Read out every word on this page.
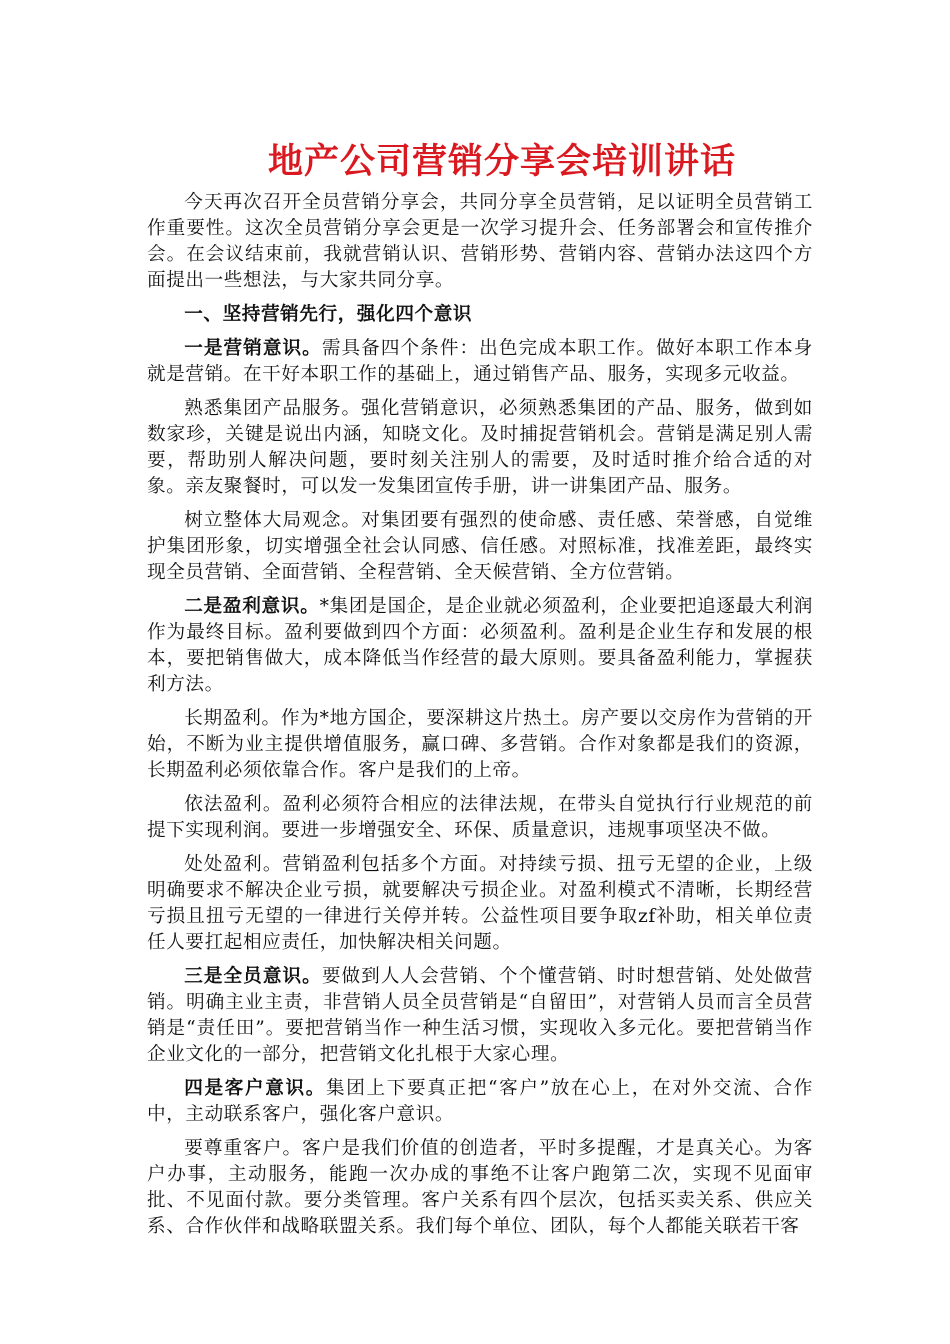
地产公司营销分享会培训讲话

今天再次召开全员营销分享会，共同分享全员营销，足以证明全员营销工作重要性。这次全员营销分享会更是一次学习提升会、任务部署会和宣传推介会。在会议结束前，我就营销认识、营销形势、营销内容、营销办法这四个方面提出一些想法，与大家共同分享。

一、坚持营销先行，强化四个意识

一是营销意识。需具备四个条件：出色完成本职工作。做好本职工作本身就是营销。在干好本职工作的基础上，通过销售产品、服务，实现多元收益。

熟悉集团产品服务。强化营销意识，必须熟悉集团的产品、服务，做到如数家珍，关键是说出内涵，知晓文化。及时捕捉营销机会。营销是满足别人需要，帮助别人解决问题，要时刻关注别人的需要，及时适时推介给合适的对象。亲友聚餐时，可以发一发集团宣传手册，讲一讲集团产品、服务。

树立整体大局观念。对集团要有强烈的使命感、责任感、荣誉感，自觉维护集团形象，切实增强全社会认同感、信任感。对照标准，找准差距，最终实现全员营销、全面营销、全程营销、全天候营销、全方位营销。

二是盈利意识。*集团是国企，是企业就必须盈利，企业要把追逐最大利润作为最终目标。盈利要做到四个方面：必须盈利。盈利是企业生存和发展的根本，要把销售做大，成本降低当作经营的最大原则。要具备盈利能力，掌握获利方法。

长期盈利。作为*地方国企，要深耕这片热土。房产要以交房作为营销的开始，不断为业主提供增值服务，赢口碑、多营销。合作对象都是我们的资源，长期盈利必须依靠合作。客户是我们的上帝。

依法盈利。盈利必须符合相应的法律法规，在带头自觉执行行业规范的前提下实现利润。要进一步增强安全、环保、质量意识，违规事项坚决不做。

处处盈利。营销盈利包括多个方面。对持续亏损、扭亏无望的企业，上级明确要求不解决企业亏损，就要解决亏损企业。对盈利模式不清晰，长期经营亏损且扭亏无望的一律进行关停并转。公益性项目要争取zf补助，相关单位责任人要扛起相应责任，加快解决相关问题。

三是全员意识。要做到人人会营销、个个懂营销、时时想营销、处处做营销。明确主业主责，非营销人员全员营销是“自留田”，对营销人员而言全员营销是“责任田”。要把营销当作一种生活习惯，实现收入多元化。要把营销当作企业文化的一部分，把营销文化扎根于大家心理。

四是客户意识。集团上下要真正把“客户”放在心上，在对外交流、合作中，主动联系客户，强化客户意识。

要尊重客户。客户是我们价值的创造者，平时多提醒，才是真关心。为客户办事，主动服务，能跑一次办成的事绝不让客户跑第二次，实现不见面审批、不见面付款。要分类管理。客户关系有四个层次，包括买卖关系、供应关系、合作伙伴和战略联盟关系。我们每个单位、团队，每个人都能关联若干客
